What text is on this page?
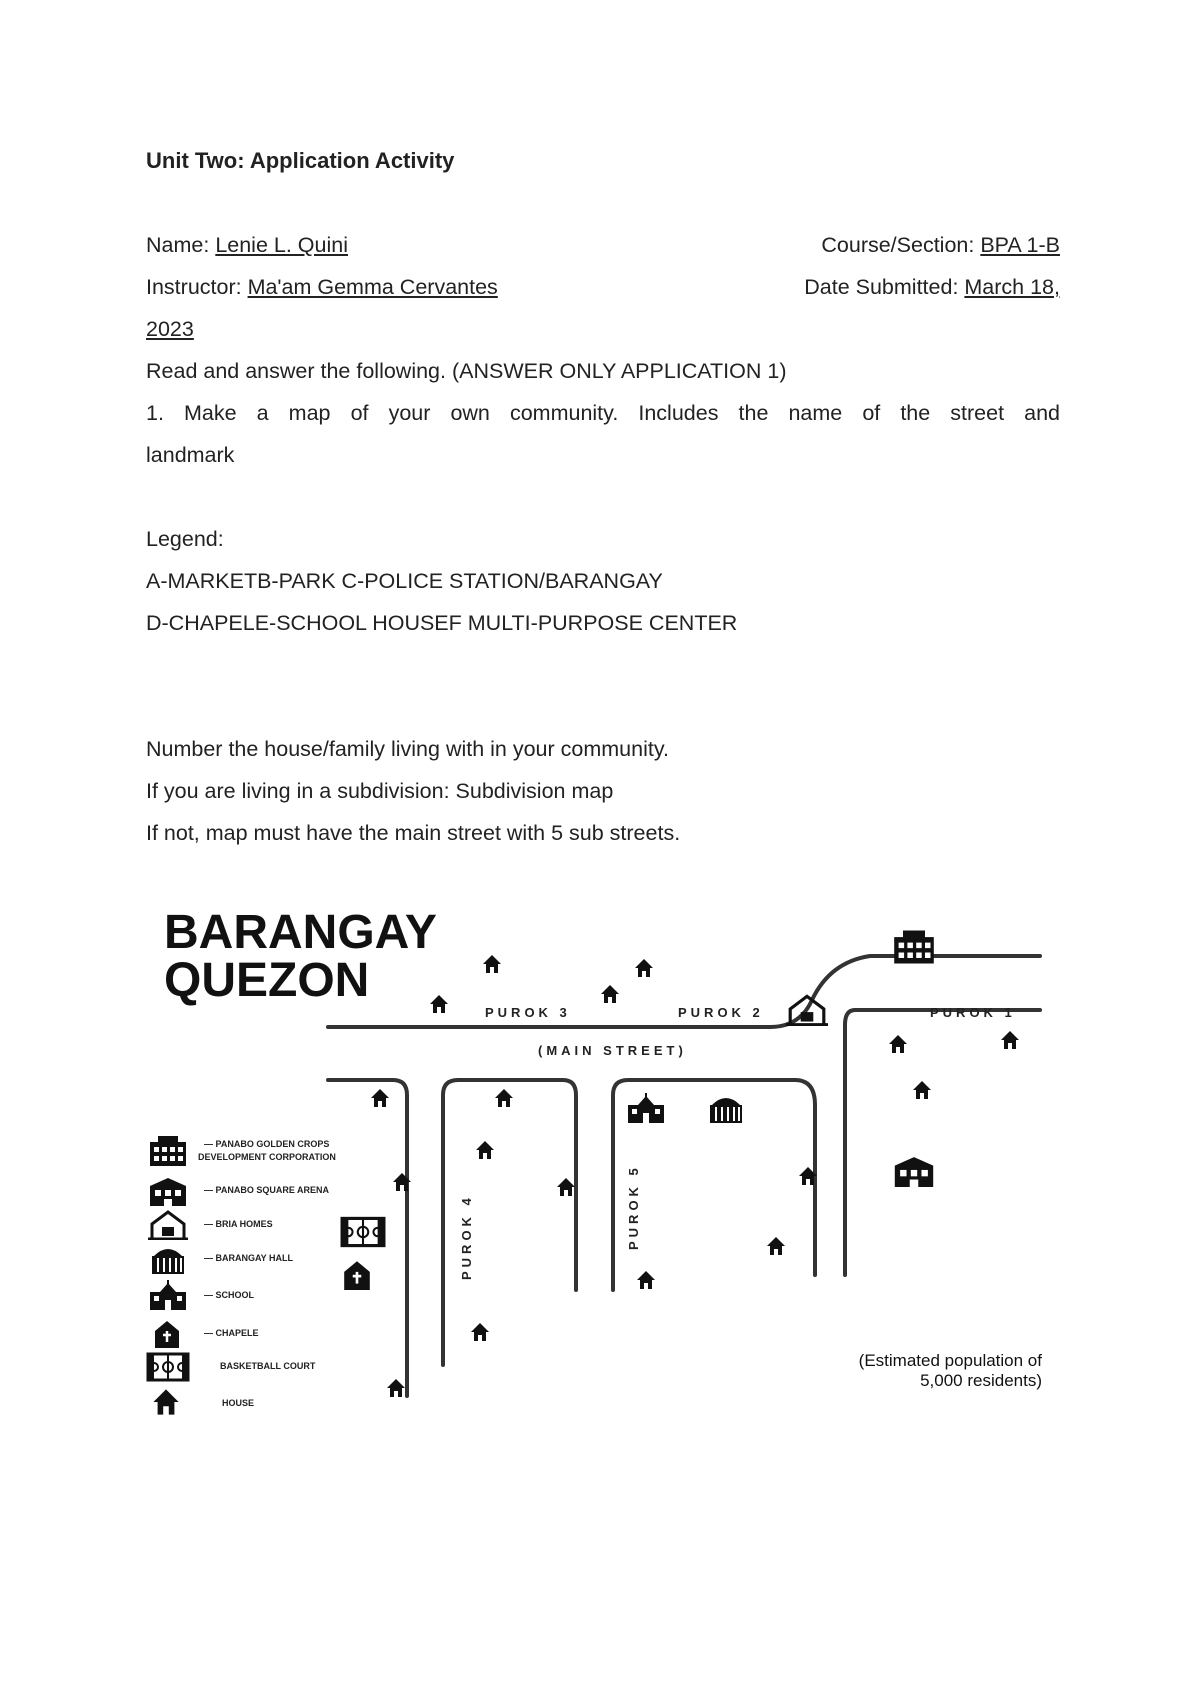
Unit Two: Application Activity
Name: Lenie L. Quini	Course/Section: BPA 1-B
Instructor: Ma'am Gemma Cervantes	Date Submitted: March 18,
2023
Read and answer the following. (ANSWER ONLY APPLICATION 1)
1. Make a map of your own community. Includes the name of the street and
landmark
Legend:
A-MARKETB-PARK C-POLICE STATION/BARANGAY
D-CHAPELE-SCHOOL HOUSEF MULTI-PURPOSE CENTER
Number the house/family living with in your community.
If you are living in a subdivision: Subdivision map
If not, map must have the main street with 5 sub streets.
BARANGAY
QUEZON
PUROK 3	PUROK 2	PUROK 1
(MAIN STREET)
PUROK 4	PUROK 5
— PANABO GOLDEN CROPS
DEVELOPMENT CORPORATION
— PANABO SQUARE ARENA
— BRIA HOMES
— BARANGAY HALL
— SCHOOL
— CHAPELE
BASKETBALL COURT
HOUSE
(Estimated population of
5,000 residents)
